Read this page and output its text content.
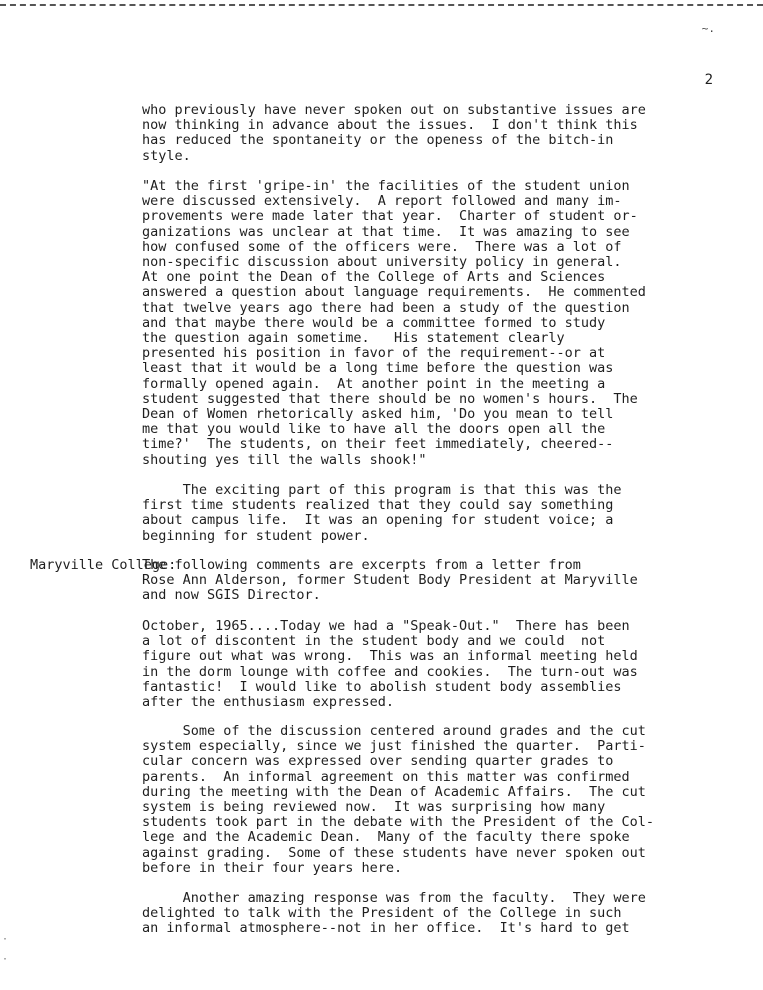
~.
2
who previously have never spoken out on substantive issues are
now thinking in advance about the issues.  I don't think this
has reduced the spontaneity or the openess of the bitch-in
style.
"At the first 'gripe-in' the facilities of the student union
were discussed extensively.  A report followed and many im-
provements were made later that year.  Charter of student or-
ganizations was unclear at that time.  It was amazing to see
how confused some of the officers were.  There was a lot of
non-specific discussion about university policy in general.
At one point the Dean of the College of Arts and Sciences
answered a question about language requirements.  He commented
that twelve years ago there had been a study of the question
and that maybe there would be a committee formed to study
the question again sometime.   His statement clearly
presented his position in favor of the requirement--or at
least that it would be a long time before the question was
formally opened again.  At another point in the meeting a
student suggested that there should be no women's hours.  The
Dean of Women rhetorically asked him, 'Do you mean to tell
me that you would like to have all the doors open all the
time?'  The students, on their feet immediately, cheered--
shouting yes till the walls shook!"
The exciting part of this program is that this was the
first time students realized that they could say something
about campus life.  It was an opening for student voice; a
beginning for student power.
Maryville College:
The following comments are excerpts from a letter from
Rose Ann Alderson, former Student Body President at Maryville
and now SGIS Director.
October, 1965....Today we had a "Speak-Out."  There has been
a lot of discontent in the student body and we could  not
figure out what was wrong.  This was an informal meeting held
in the dorm lounge with coffee and cookies.  The turn-out was
fantastic!  I would like to abolish student body assemblies
after the enthusiasm expressed.
Some of the discussion centered around grades and the cut
system especially, since we just finished the quarter.  Parti-
cular concern was expressed over sending quarter grades to
parents.  An informal agreement on this matter was confirmed
during the meeting with the Dean of Academic Affairs.  The cut
system is being reviewed now.  It was surprising how many
students took part in the debate with the President of the Col-
lege and the Academic Dean.  Many of the faculty there spoke
against grading.  Some of these students have never spoken out
before in their four years here.
Another amazing response was from the faculty.  They were
delighted to talk with the President of the College in such
an informal atmosphere--not in her office.  It's hard to get
·

·
